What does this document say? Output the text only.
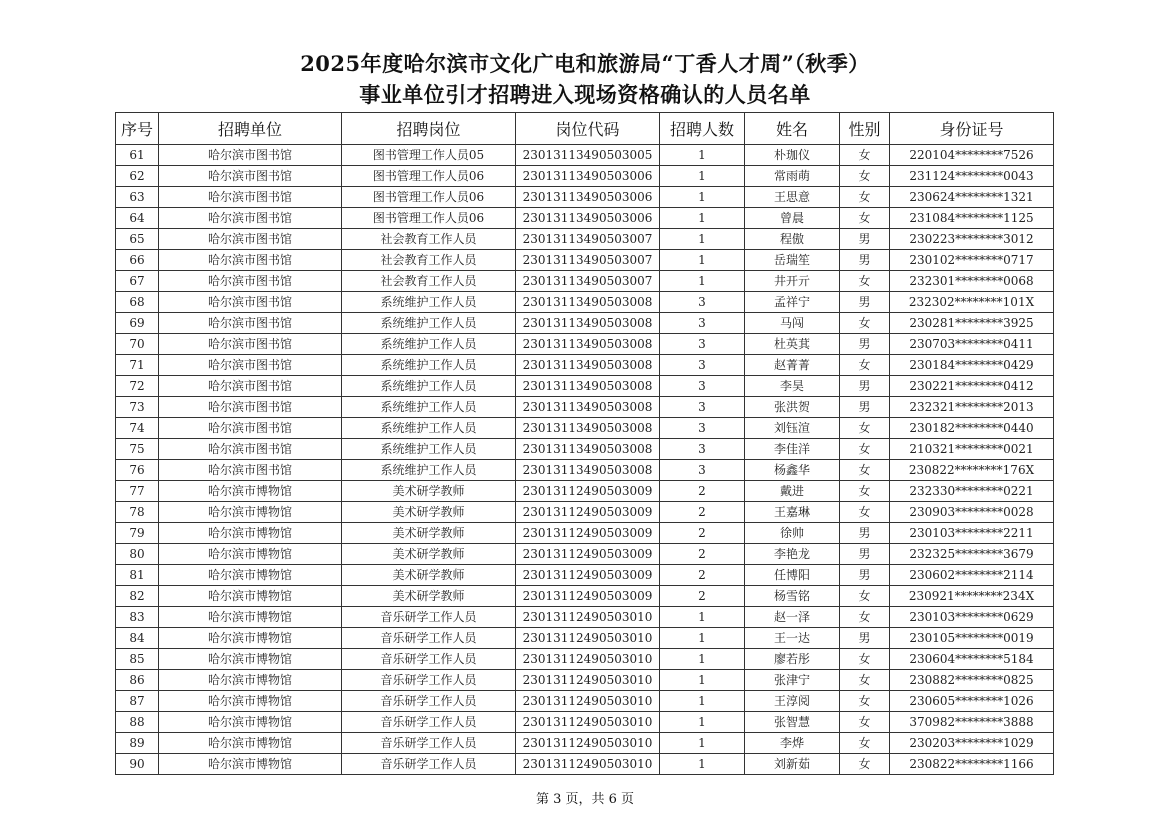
2025年度哈尔滨市文化广电和旅游局“丁香人才周”（秋季）
事业单位引才招聘进入现场资格确认的人员名单
序号	招聘单位	招聘岗位	岗位代码	招聘人数	姓名	性别	身份证号
61	哈尔滨市图书馆	图书管理工作人员05	23013113490503005	1	朴珈仪	女	220104********7526
62	哈尔滨市图书馆	图书管理工作人员06	23013113490503006	1	常雨萌	女	231124********0043
63	哈尔滨市图书馆	图书管理工作人员06	23013113490503006	1	王思意	女	230624********1321
64	哈尔滨市图书馆	图书管理工作人员06	23013113490503006	1	曾晨	女	231084********1125
65	哈尔滨市图书馆	社会教育工作人员	23013113490503007	1	程傲	男	230223********3012
66	哈尔滨市图书馆	社会教育工作人员	23013113490503007	1	岳瑞笙	男	230102********0717
67	哈尔滨市图书馆	社会教育工作人员	23013113490503007	1	井开亓	女	232301********0068
68	哈尔滨市图书馆	系统维护工作人员	23013113490503008	3	孟祥宁	男	232302********101X
69	哈尔滨市图书馆	系统维护工作人员	23013113490503008	3	马闯	女	230281********3925
70	哈尔滨市图书馆	系统维护工作人员	23013113490503008	3	杜英萁	男	230703********0411
71	哈尔滨市图书馆	系统维护工作人员	23013113490503008	3	赵菁菁	女	230184********0429
72	哈尔滨市图书馆	系统维护工作人员	23013113490503008	3	李昊	男	230221********0412
73	哈尔滨市图书馆	系统维护工作人员	23013113490503008	3	张洪贺	男	232321********2013
74	哈尔滨市图书馆	系统维护工作人员	23013113490503008	3	刘钰渲	女	230182********0440
75	哈尔滨市图书馆	系统维护工作人员	23013113490503008	3	李佳洋	女	210321********0021
76	哈尔滨市图书馆	系统维护工作人员	23013113490503008	3	杨鑫华	女	230822********176X
77	哈尔滨市博物馆	美术研学教师	23013112490503009	2	戴进	女	232330********0221
78	哈尔滨市博物馆	美术研学教师	23013112490503009	2	王嘉琳	女	230903********0028
79	哈尔滨市博物馆	美术研学教师	23013112490503009	2	徐帅	男	230103********2211
80	哈尔滨市博物馆	美术研学教师	23013112490503009	2	李艳龙	男	232325********3679
81	哈尔滨市博物馆	美术研学教师	23013112490503009	2	任博阳	男	230602********2114
82	哈尔滨市博物馆	美术研学教师	23013112490503009	2	杨雪铭	女	230921********234X
83	哈尔滨市博物馆	音乐研学工作人员	23013112490503010	1	赵一泽	女	230103********0629
84	哈尔滨市博物馆	音乐研学工作人员	23013112490503010	1	王一达	男	230105********0019
85	哈尔滨市博物馆	音乐研学工作人员	23013112490503010	1	廖若彤	女	230604********5184
86	哈尔滨市博物馆	音乐研学工作人员	23013112490503010	1	张津宁	女	230882********0825
87	哈尔滨市博物馆	音乐研学工作人员	23013112490503010	1	王淳阅	女	230605********1026
88	哈尔滨市博物馆	音乐研学工作人员	23013112490503010	1	张智慧	女	370982********3888
89	哈尔滨市博物馆	音乐研学工作人员	23013112490503010	1	李烨	女	230203********1029
90	哈尔滨市博物馆	音乐研学工作人员	23013112490503010	1	刘新茹	女	230822********1166
第 3 页，共 6 页
